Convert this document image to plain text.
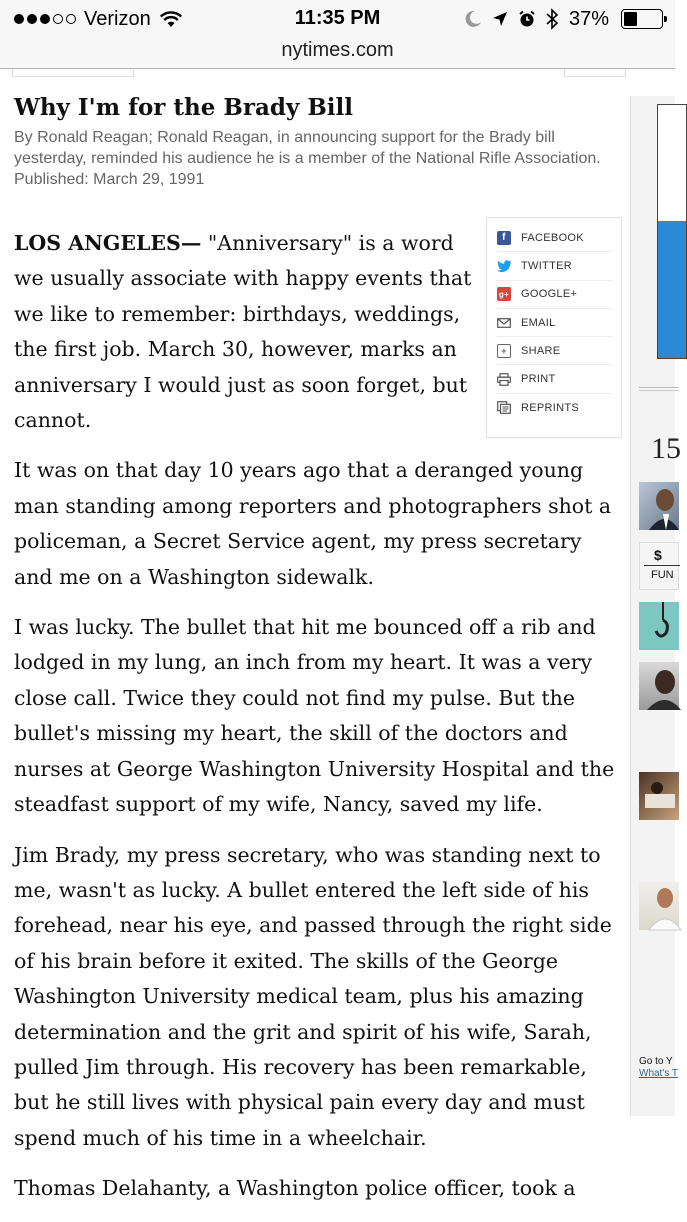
Verizon	11:35 PM	37%
nytimes.com
Why I'm for the Brady Bill
By Ronald Reagan; Ronald Reagan, in announcing support for the Brady bill yesterday, reminded his audience he is a member of the National Rifle Association.
Published: March 29, 1991
f	FACEBOOK
TWITTER
g+ GOOGLE+
EMAIL
+	SHARE
PRINT
REPRINTS

LOS ANGELES— "Anniversary" is a word we usually associate with happy events that we like to remember: birthdays, weddings, the first job. March 30, however, marks an anniversary I would just as soon forget, but cannot.

It was on that day 10 years ago that a deranged young man standing among reporters and photographers shot a policeman, a Secret Service agent, my press secretary and me on a Washington sidewalk.

I was lucky. The bullet that hit me bounced off a rib and lodged in my lung, an inch from my heart. It was a very close call. Twice they could not find my pulse. But the bullet's missing my heart, the skill of the doctors and nurses at George Washington University Hospital and the steadfast support of my wife, Nancy, saved my life.

Jim Brady, my press secretary, who was standing next to me, wasn't as lucky. A bullet entered the left side of his forehead, near his eye, and passed through the right side of his brain before it exited. The skills of the George Washington University medical team, plus his amazing determination and the grit and spirit of his wife, Sarah, pulled Jim through. His recovery has been remarkable, but he still lives with physical pain every day and must spend much of his time in a wheelchair.

Thomas Delahanty, a Washington police officer, took a

15
$
FUN
Go to Y
What's T
